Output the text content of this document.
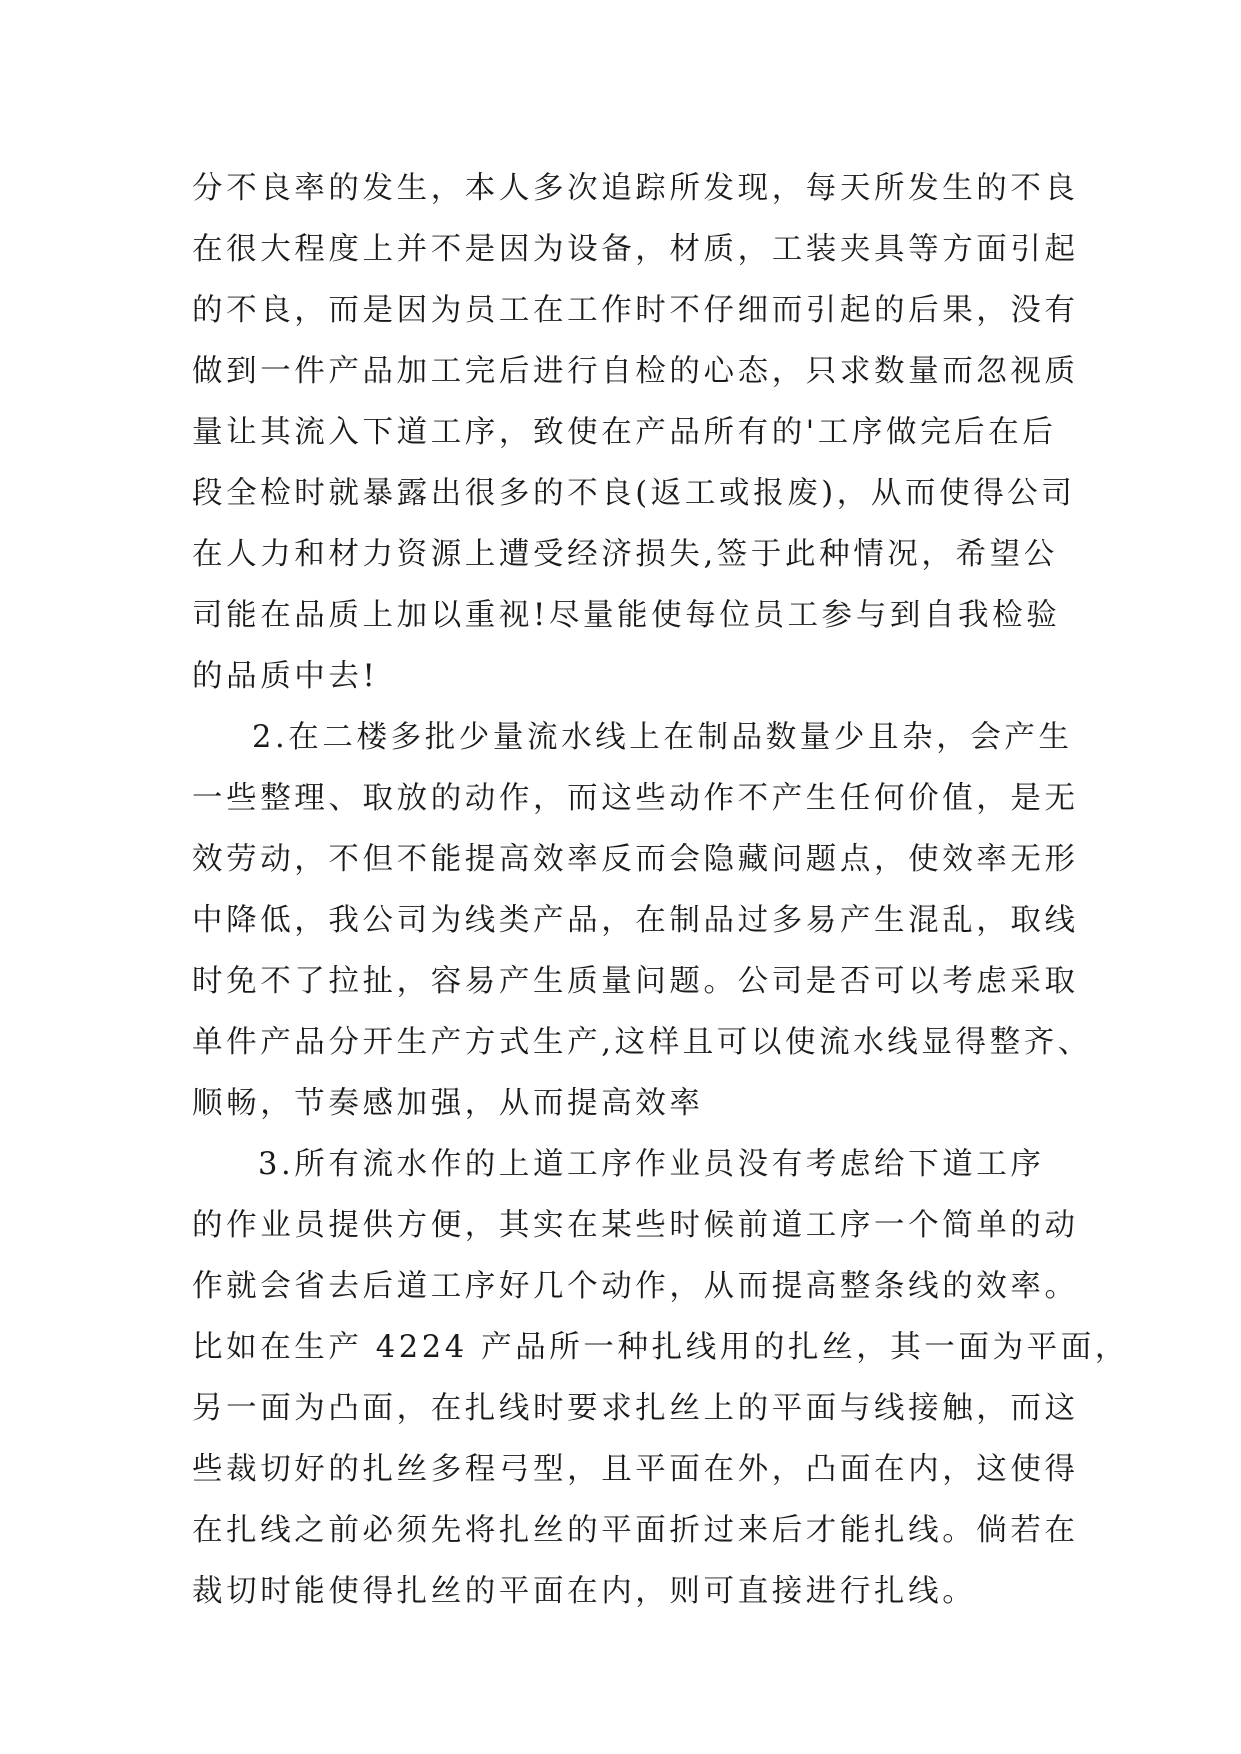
分不良率的发生，本人多次追踪所发现，每天所发生的不良
在很大程度上并不是因为设备，材质，工装夹具等方面引起
的不良，而是因为员工在工作时不仔细而引起的后果，没有
做到一件产品加工完后进行自检的心态，只求数量而忽视质
量让其流入下道工序，致使在产品所有的'工序做完后在后
段全检时就暴露出很多的不良(返工或报废)，从而使得公司
在人力和材力资源上遭受经济损失,签于此种情况，希望公
司能在品质上加以重视!尽量能使每位员工参与到自我检验
的品质中去!
2.在二楼多批少量流水线上在制品数量少且杂，会产生
一些整理、取放的动作，而这些动作不产生任何价值，是无
效劳动，不但不能提高效率反而会隐藏问题点，使效率无形
中降低，我公司为线类产品，在制品过多易产生混乱，取线
时免不了拉扯，容易产生质量问题。公司是否可以考虑采取
单件产品分开生产方式生产,这样且可以使流水线显得整齐、
顺畅，节奏感加强，从而提高效率
3.所有流水作的上道工序作业员没有考虑给下道工序
的作业员提供方便，其实在某些时候前道工序一个简单的动
作就会省去后道工序好几个动作，从而提高整条线的效率。
比如在生产 4224 产品所一种扎线用的扎丝，其一面为平面，
另一面为凸面，在扎线时要求扎丝上的平面与线接触，而这
些裁切好的扎丝多程弓型，且平面在外，凸面在内，这使得
在扎线之前必须先将扎丝的平面折过来后才能扎线。倘若在
裁切时能使得扎丝的平面在内，则可直接进行扎线。
